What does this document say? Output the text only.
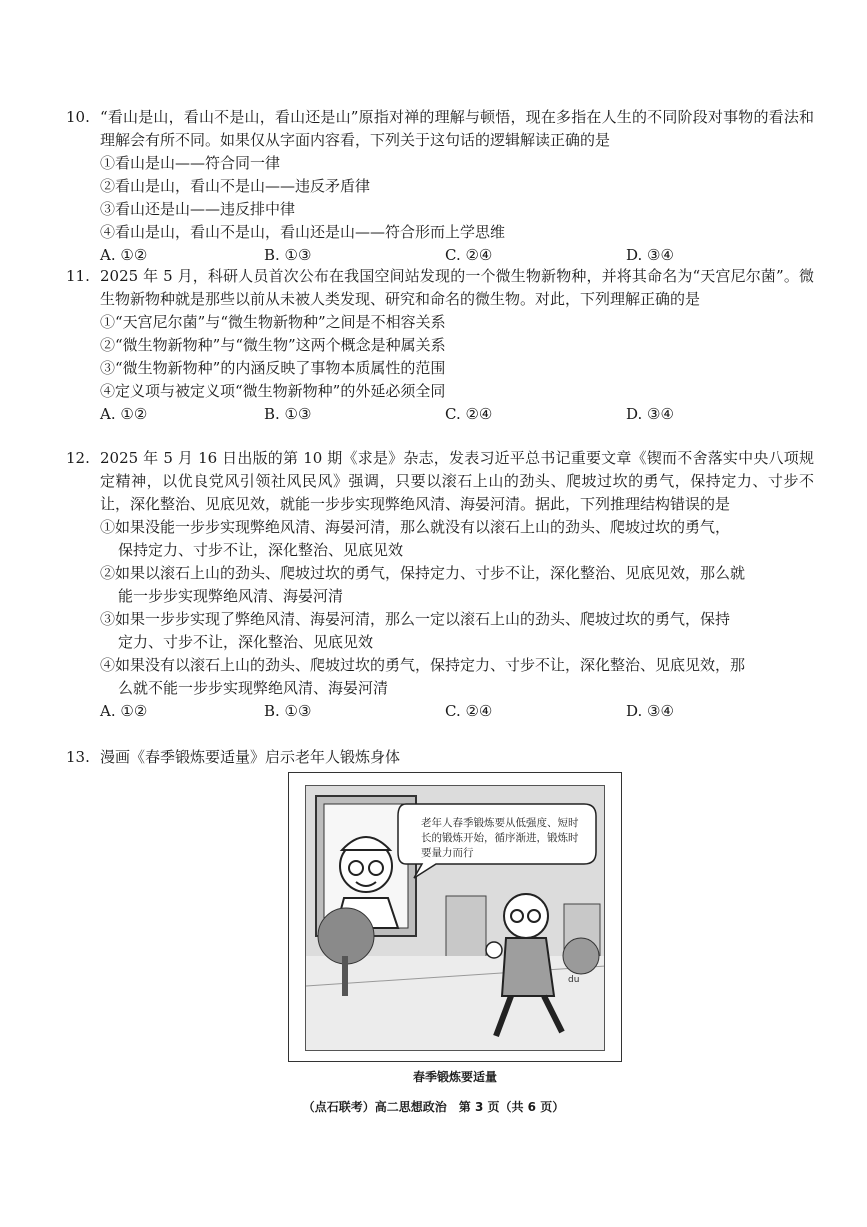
10. “看山是山，看山不是山，看山还是山”原指对禅的理解与顿悟，现在多指在人生的不同阶段对事物的看法和理解会有所不同。如果仅从字面内容看，下列关于这句话的逻辑解读正确的是
①看山是山——符合同一律
②看山是山，看山不是山——违反矛盾律
③看山还是山——违反排中律
④看山是山，看山不是山，看山还是山——符合形而上学思维
A. ①②	B. ①③	C. ②④	D. ③④
11. 2025 年 5 月，科研人员首次公布在我国空间站发现的一个微生物新物种，并将其命名为“天宫尼尔菌”。微生物新物种就是那些以前从未被人类发现、研究和命名的微生物。对此，下列理解正确的是
①“天宫尼尔菌”与“微生物新物种”之间是不相容关系
②“微生物新物种”与“微生物”这两个概念是种属关系
③“微生物新物种”的内涵反映了事物本质属性的范围
④定义项与被定义项“微生物新物种”的外延必须全同
A. ①②	B. ①③	C. ②④	D. ③④
12. 2025 年 5 月 16 日出版的第 10 期《求是》杂志，发表习近平总书记重要文章《锲而不舍落实中央八项规定精神，以优良党风引领社风民风》强调，只要以滚石上山的劲头、爬坡过坎的勇气，保持定力、寸步不让，深化整治、见底见效，就能一步步实现弊绝风清、海晏河清。据此，下列推理结构错误的是
①如果没能一步步实现弊绝风清、海晏河清，那么就没有以滚石上山的劲头、爬坡过坎的勇气，
保持定力、寸步不让，深化整治、见底见效
②如果以滚石上山的劲头、爬坡过坎的勇气，保持定力、寸步不让，深化整治、见底见效，那么就
能一步步实现弊绝风清、海晏河清
③如果一步步实现了弊绝风清、海晏河清，那么一定以滚石上山的劲头、爬坡过坎的勇气，保持
定力、寸步不让，深化整治、见底见效
④如果没有以滚石上山的劲头、爬坡过坎的勇气，保持定力、寸步不让，深化整治、见底见效，那
么就不能一步步实现弊绝风清、海晏河清
A. ①②	B. ①③	C. ②④	D. ③④
13. 漫画《春季锻炼要适量》启示老年人锻炼身体
du
老年人春季锻炼要从低强度、短时长的锻炼开始，循序渐进，锻炼时要量力而行
春季锻炼要适量
（点石联考）高二思想政治　第 3 页（共 6 页）
